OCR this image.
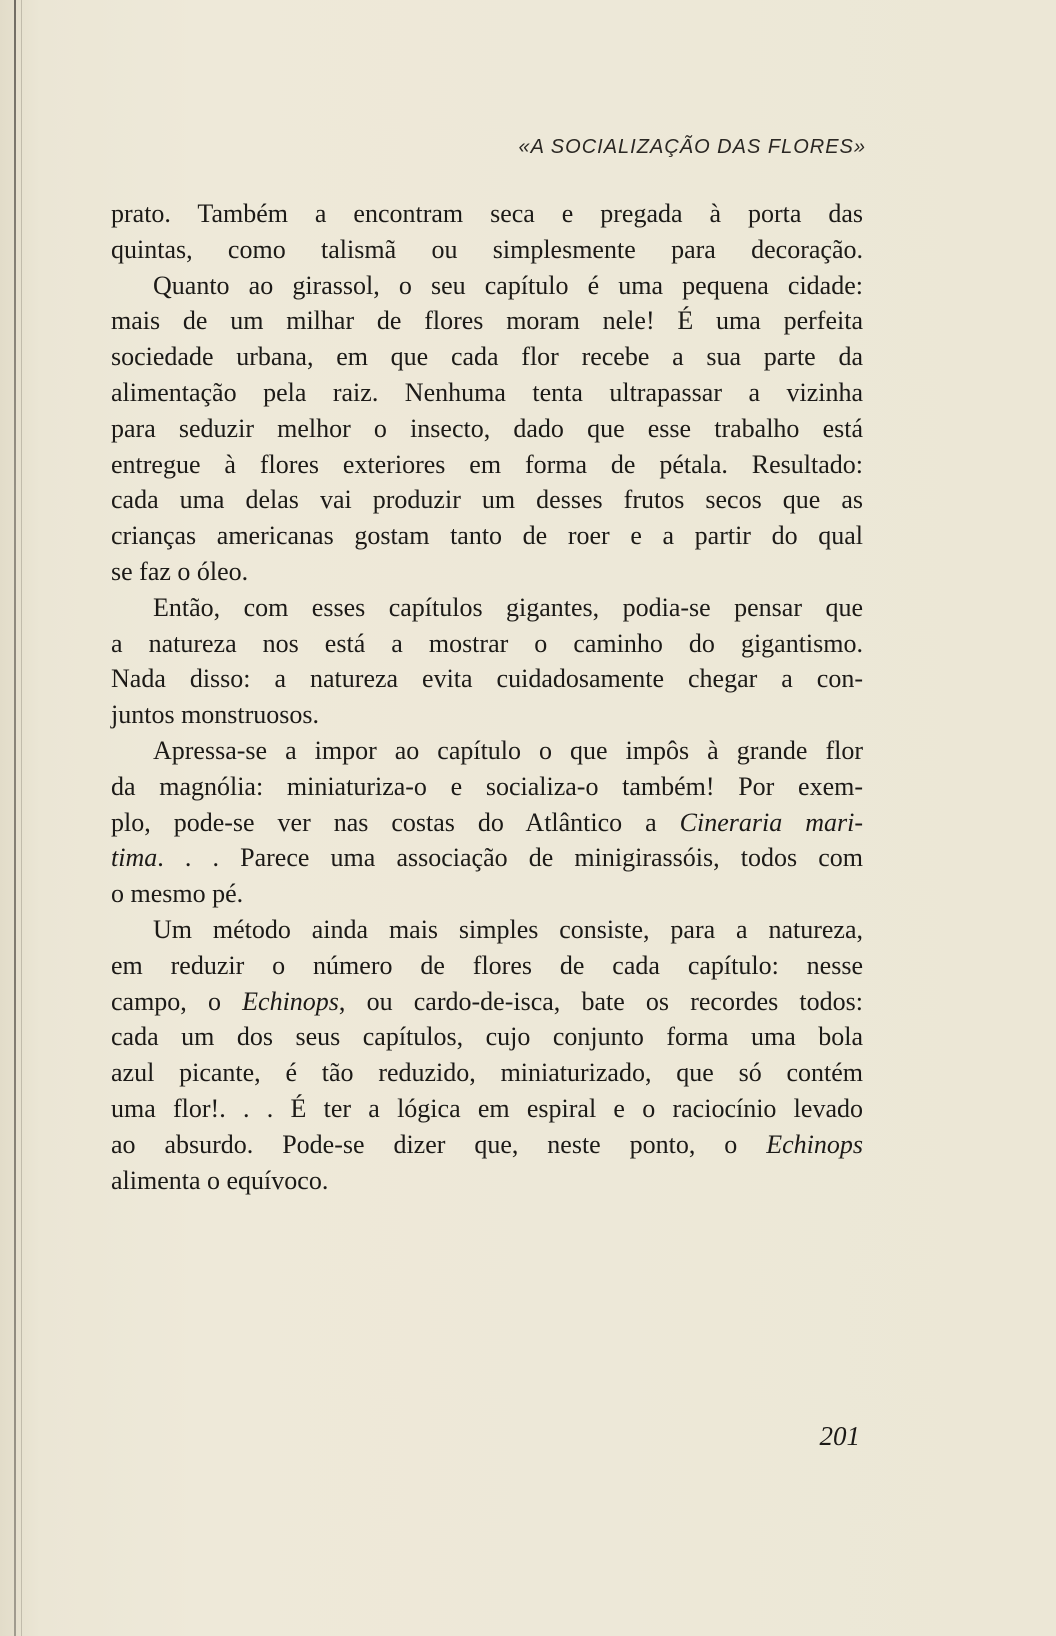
«A SOCIALIZAÇÃO DAS FLORES»
prato. Também a encontram seca e pregada à porta das
quintas, como talismã ou simplesmente para decoração.
Quanto ao girassol, o seu capítulo é uma pequena cidade:
mais de um milhar de flores moram nele! É uma perfeita
sociedade urbana, em que cada flor recebe a sua parte da
alimentação pela raiz. Nenhuma tenta ultrapassar a vizinha
para seduzir melhor o insecto, dado que esse trabalho está
entregue à flores exteriores em forma de pétala. Resultado:
cada uma delas vai produzir um desses frutos secos que as
crianças americanas gostam tanto de roer e a partir do qual
se faz o óleo.
Então, com esses capítulos gigantes, podia-se pensar que
a natureza nos está a mostrar o caminho do gigantismo.
Nada disso: a natureza evita cuidadosamente chegar a con-
juntos monstruosos.
Apressa-se a impor ao capítulo o que impôs à grande flor
da magnólia: miniaturiza-o e socializa-o também! Por exem-
plo, pode-se ver nas costas do Atlântico a Cineraria mari-
tima. . . Parece uma associação de minigirassóis, todos com
o mesmo pé.
Um método ainda mais simples consiste, para a natureza,
em reduzir o número de flores de cada capítulo: nesse
campo, o Echinops, ou cardo-de-isca, bate os recordes todos:
cada um dos seus capítulos, cujo conjunto forma uma bola
azul picante, é tão reduzido, miniaturizado, que só contém
uma flor!. . . É ter a lógica em espiral e o raciocínio levado
ao absurdo. Pode-se dizer que, neste ponto, o Echinops
alimenta o equívoco.
201
